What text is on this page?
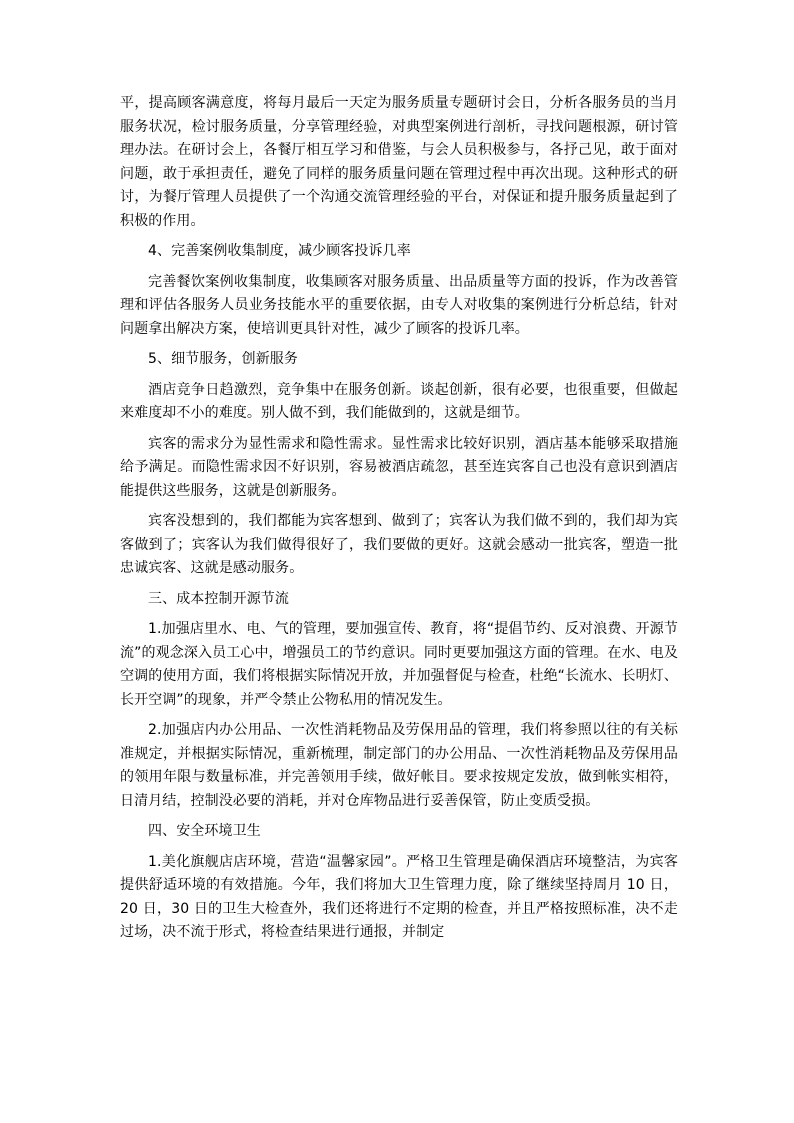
平，提高顾客满意度，将每月最后一天定为服务质量专题研讨会日，分析各服务员的当月服务状况，检讨服务质量，分享管理经验，对典型案例进行剖析，寻找问题根源，研讨管理办法。在研讨会上，各餐厅相互学习和借鉴，与会人员积极参与，各抒己见，敢于面对问题，敢于承担责任，避免了同样的服务质量问题在管理过程中再次出现。这种形式的研讨，为餐厅管理人员提供了一个沟通交流管理经验的平台，对保证和提升服务质量起到了积极的作用。

4、完善案例收集制度，减少顾客投诉几率

完善餐饮案例收集制度，收集顾客对服务质量、出品质量等方面的投诉，作为改善管理和评估各服务人员业务技能水平的重要依据，由专人对收集的案例进行分析总结，针对问题拿出解决方案，使培训更具针对性，减少了顾客的投诉几率。

5、细节服务，创新服务

酒店竞争日趋激烈，竞争集中在服务创新。谈起创新，很有必要，也很重要，但做起来难度却不小的难度。别人做不到，我们能做到的，这就是细节。

宾客的需求分为显性需求和隐性需求。显性需求比较好识别，酒店基本能够采取措施给予满足。而隐性需求因不好识别，容易被酒店疏忽，甚至连宾客自己也没有意识到酒店能提供这些服务，这就是创新服务。

宾客没想到的，我们都能为宾客想到、做到了；宾客认为我们做不到的，我们却为宾客做到了；宾客认为我们做得很好了，我们要做的更好。这就会感动一批宾客，塑造一批忠诚宾客、这就是感动服务。

三、成本控制开源节流

1.加强店里水、电、气的管理，要加强宣传、教育，将“提倡节约、反对浪费、开源节流”的观念深入员工心中，增强员工的节约意识。同时更要加强这方面的管理。在水、电及空调的使用方面，我们将根据实际情况开放，并加强督促与检查，杜绝“长流水、长明灯、长开空调”的现象，并严令禁止公物私用的情况发生。

2.加强店内办公用品、一次性消耗物品及劳保用品的管理，我们将参照以往的有关标准规定，并根据实际情况，重新梳理，制定部门的办公用品、一次性消耗物品及劳保用品的领用年限与数量标准，并完善领用手续，做好帐目。要求按规定发放，做到帐实相符，日清月结，控制没必要的消耗，并对仓库物品进行妥善保管，防止变质受损。

四、安全环境卫生

1.美化旗舰店店环境，营造“温馨家园”。严格卫生管理是确保酒店环境整洁，为宾客提供舒适环境的有效措施。今年，我们将加大卫生管理力度，除了继续坚持周月 10 日，20 日，30 日的卫生大检查外，我们还将进行不定期的检查，并且严格按照标准，决不走过场，决不流于形式，将检查结果进行通报，并制定
